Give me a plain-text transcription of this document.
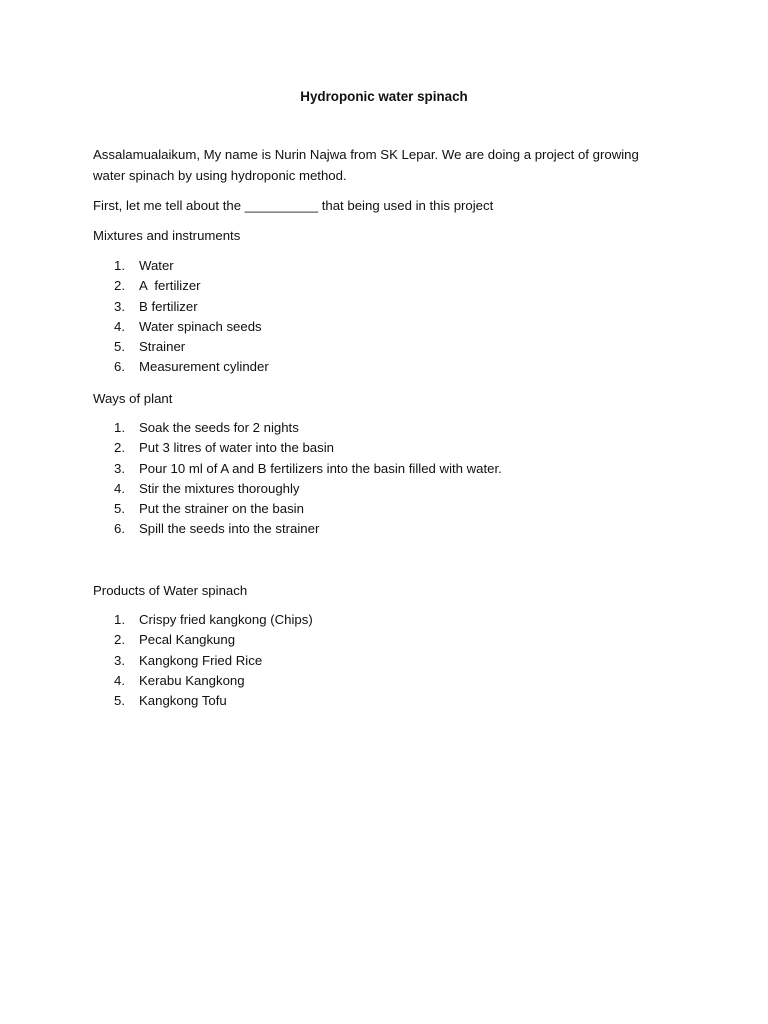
Hydroponic water spinach

Assalamualaikum, My name is Nurin Najwa from SK Lepar. We are doing a project of growing water spinach by using hydroponic method.

First, let me tell about the __________ that being used in this project

Mixtures and instruments

1.	Water
2.	A  fertilizer
3.	B fertilizer
4.	Water spinach seeds
5.	Strainer
6.	Measurement cylinder

Ways of plant

1.	Soak the seeds for 2 nights
2.	Put 3 litres of water into the basin
3.	Pour 10 ml of A and B fertilizers into the basin filled with water.
4.	Stir the mixtures thoroughly
5.	Put the strainer on the basin
6.	Spill the seeds into the strainer

Products of Water spinach

1.	Crispy fried kangkong (Chips)
2.	Pecal Kangkung
3.	Kangkong Fried Rice
4.	Kerabu Kangkong
5.	Kangkong Tofu
